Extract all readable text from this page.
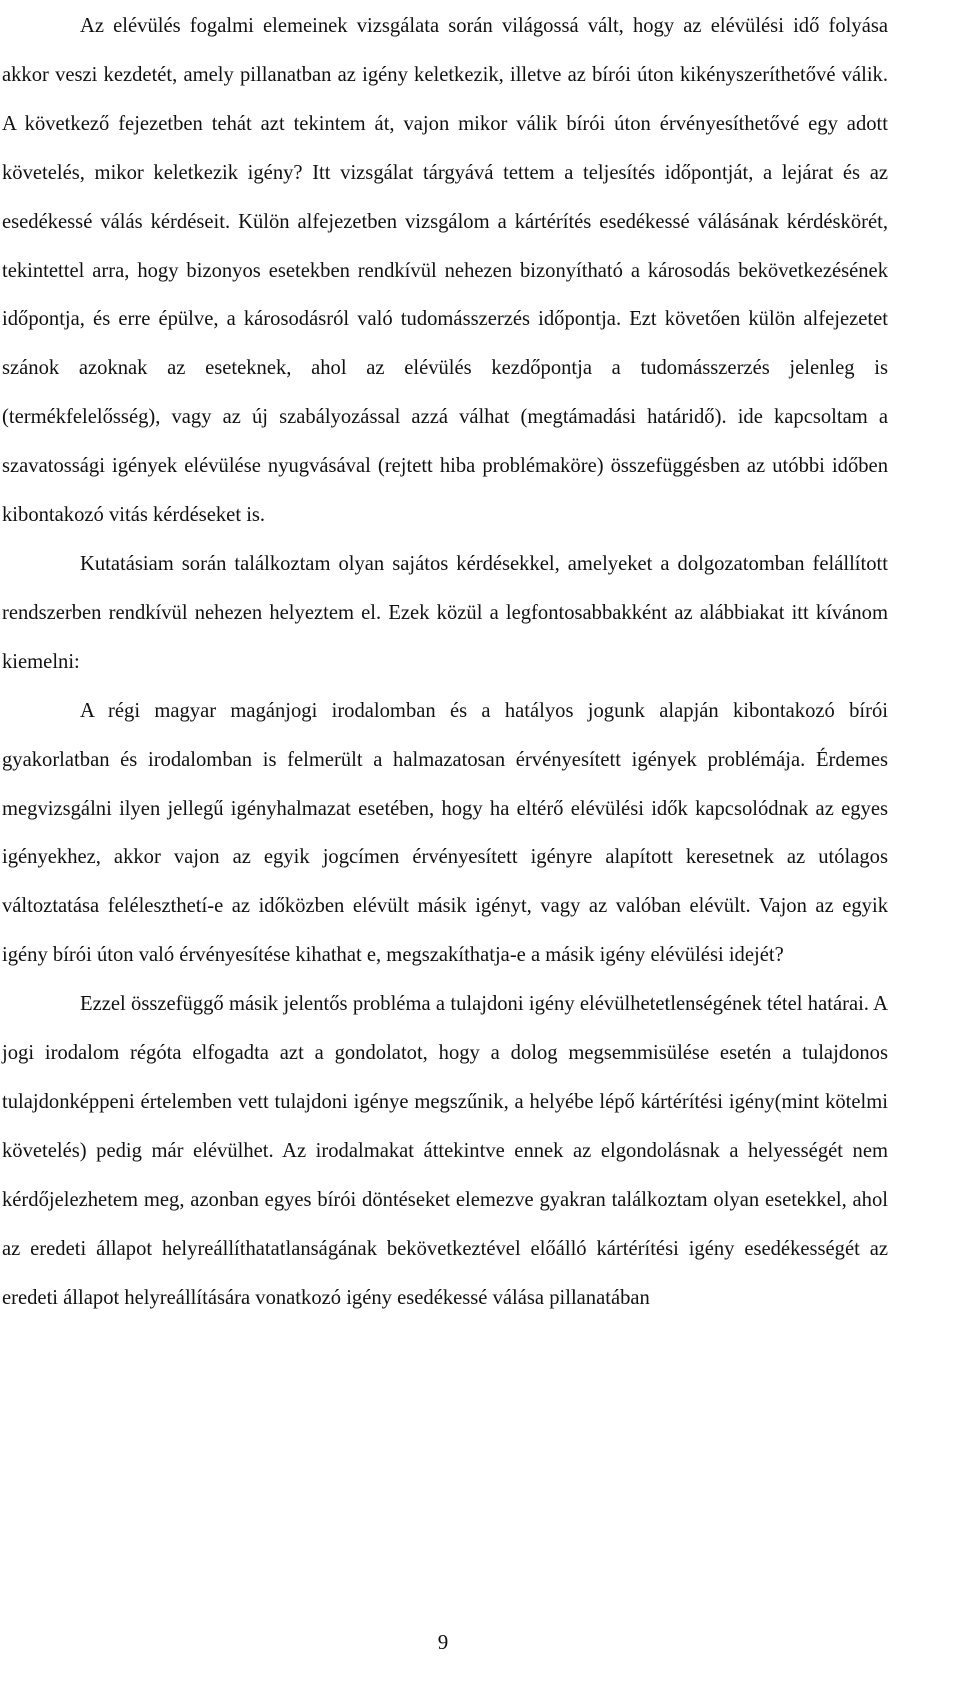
Az elévülés fogalmi elemeinek vizsgálata során világossá vált, hogy az elévülési idő folyása akkor veszi kezdetét, amely pillanatban az igény keletkezik, illetve az bírói úton kikényszeríthetővé válik. A következő fejezetben tehát azt tekintem át, vajon mikor válik bírói úton érvényesíthetővé egy adott követelés, mikor keletkezik igény? Itt vizsgálat tárgyává tettem a teljesítés időpontját, a lejárat és az esedékessé válás kérdéseit. Külön alfejezetben vizsgálom a kártérítés esedékessé válásának kérdéskörét, tekintettel arra, hogy bizonyos esetekben rendkívül nehezen bizonyítható a károsodás bekövetkezésének időpontja, és erre épülve, a károsodásról való tudomásszerzés időpontja. Ezt követően külön alfejezetet szánok azoknak az eseteknek, ahol az elévülés kezdőpontja a tudomásszerzés jelenleg is (termékfelelősség), vagy az új szabályozással azzá válhat (megtámadási határidő). ide kapcsoltam a szavatossági igények elévülése nyugvásával (rejtett hiba problémaköre) összefüggésben az utóbbi időben kibontakozó vitás kérdéseket is.

Kutatásiam során találkoztam olyan sajátos kérdésekkel, amelyeket a dolgozatomban felállított rendszerben rendkívül nehezen helyeztem el. Ezek közül a legfontosabbakként az alábbiakat itt kívánom kiemelni:

A régi magyar magánjogi irodalomban és a hatályos jogunk alapján kibontakozó bírói gyakorlatban és irodalomban is felmerült a halmazatosan érvényesített igények problémája. Érdemes megvizsgálni ilyen jellegű igényhalmazat esetében, hogy ha eltérő elévülési idők kapcsolódnak az egyes igényekhez, akkor vajon az egyik jogcímen érvényesített igényre alapított keresetnek az utólagos változtatása feléleszthetí-e az időközben elévült másik igényt, vagy az valóban elévült. Vajon az egyik igény bírói úton való érvényesítése kihathat e, megszakíthatja-e a másik igény elévülési idejét?

Ezzel összefüggő másik jelentős probléma a tulajdoni igény elévülhetetlenségének tétel határai. A jogi irodalom régóta elfogadta azt a gondolatot, hogy a dolog megsemmisülése esetén a tulajdonos tulajdonképpeni értelemben vett tulajdoni igénye megszűnik, a helyébe lépő kártérítési igény(mint kötelmi követelés) pedig már elévülhet. Az irodalmakat áttekintve ennek az elgondolásnak a helyességét nem kérdőjelezhetem meg, azonban egyes bírói döntéseket elemezve gyakran találkoztam olyan esetekkel, ahol az eredeti állapot helyreállíthatatlanságának bekövetkeztével előálló kártérítési igény esedékességét az eredeti állapot helyreállítására vonatkozó igény esedékessé válása pillanatában

9
